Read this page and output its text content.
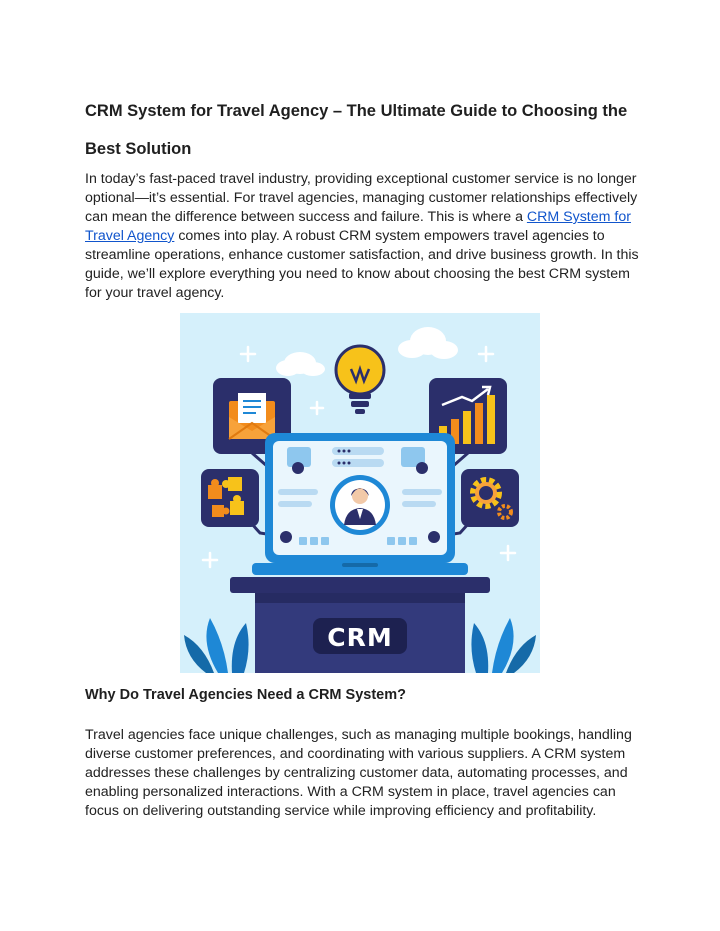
CRM System for Travel Agency – The Ultimate Guide to Choosing the
Best Solution

In today’s fast-paced travel industry, providing exceptional customer service is no longer optional—it’s essential. For travel agencies, managing customer relationships effectively can mean the difference between success and failure. This is where a CRM System for Travel Agency comes into play. A robust CRM system empowers travel agencies to streamline operations, enhance customer satisfaction, and drive business growth. In this guide, we’ll explore everything you need to know about choosing the best CRM system for your travel agency.

CRM
Why Do Travel Agencies Need a CRM System?

Travel agencies face unique challenges, such as managing multiple bookings, handling diverse customer preferences, and coordinating with various suppliers. A CRM system addresses these challenges by centralizing customer data, automating processes, and enabling personalized interactions. With a CRM system in place, travel agencies can focus on delivering outstanding service while improving efficiency and profitability.
